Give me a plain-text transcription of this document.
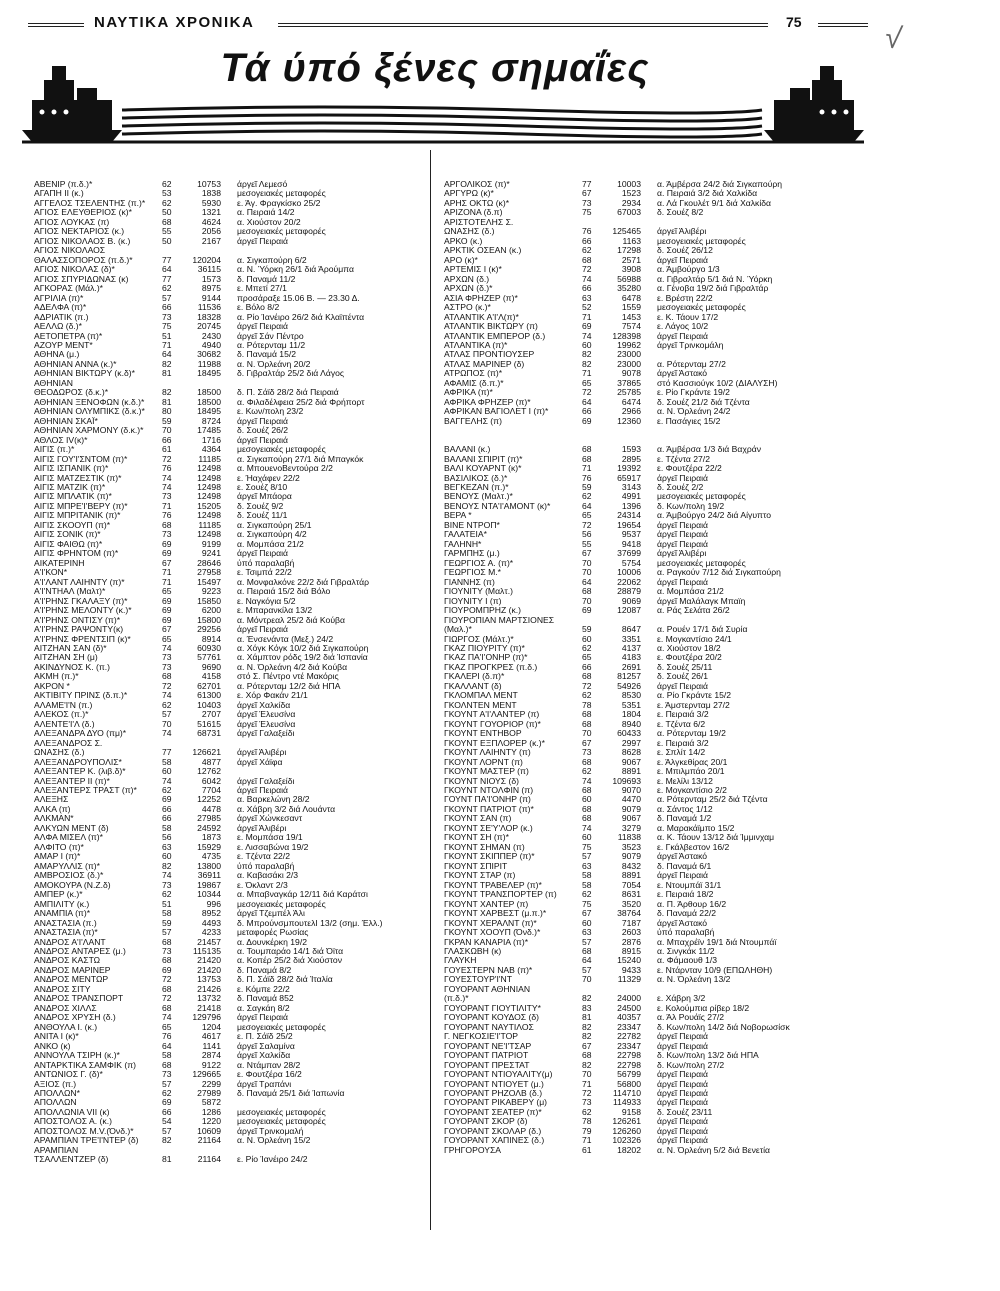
ΝΑΥΤΙΚΑ ΧΡΟΝΙΚΑ	75	√
Τά ύπό ξένες σημαΐες
ΑΒΕΝΙΡ (π.δ.)*	62	10753 άργεῖ Λεμεσό
ΑΓΑΠΗ II (κ.)	53	1838 μεσογειακές μεταφορές
ΑΓΓΕΛΟΣ ΤΣΕΛΕΝΤΗΣ (π.)*	62	5930 ε. Άγ. Φραγκίσκο 25/2
ΑΓΙΟΣ ΕΛΕΥΘΕΡΙΟΣ (κ)*	50	1321 α. Πειραιά 14/2
ΑΓΙΟΣ ΛΟΥΚΑΣ (π)	68	4624 α. Χιούστον 20/2
ΑΓΙΟΣ ΝΕΚΤΑΡΙΟΣ (κ.)	55	2056 μεσογειακές μεταφορές
ΑΓΙΟΣ ΝΙΚΟΛΑΟΣ Β. (κ.)	50	2167 άργεῖ Πειραιά
ΑΓΙΟΣ ΝΙΚΟΛΑΟΣ
ΘΑΛΑΣΣΟΠΟΡΟΣ (π.δ.)*	77	120204 α. Σιγκαπούρη 6/2
ΑΓΙΟΣ ΝΙΚΟΛΑΣ (δ)*	64	36115 α. Ν. Ύόρκη 26/1 διά Άρούμπα
ΑΓΙΟΣ ΣΠΥΡΙΔΩΝΑΣ (κ)	77	1573 δ. Παναμά 11/2
ΑΓΚΟΡΑΣ (Μάλ.)*	62	8975 ε. Μπετί 27/1
ΑΓΡΙΛΙΑ (π)*	57	9144 προσάραξε 15.06 Β. — 23.30 Δ.
ΑΔΕΛΦΑ (π)*	66	11536 ε. Βόλο 8/2
ΑΔΡΙΑΤΙΚ (π.)	73	18328 α. Ρίο Ίανέιρο 26/2 διά Κλαϊπέντα
ΑΕΛΛΩ (δ.)*	75	20745 άργεῖ Πειραιά
ΑΕΤΟΠΕΤΡΑ (π)*	51	2430 άργεῖ Σάν Πέντρο
ΑΖΟΥΡ ΜΕΝΤ*	71	4940 α. Ρότερνταμ 11/2
ΑΘΗΝΑ (μ.)	64	30682 δ. Παναμά 15/2
ΑΘΗΝΙΑΝ ΑΝΝΑ (κ.)*	82	11988 α. Ν. Όρλεάνη 20/2
ΑΘΗΝΙΑΝ ΒΙΚΤΩΡΥ (κ.δ)*	81	18495 δ. Γιβραλτάρ 25/2 διά Λάγος
ΑΘΗΝΙΑΝ
ΘΕΟΔΩΡΟΣ (δ.κ.)*	82	18500 δ. Π. Σάϊδ 28/2 διά Πειραιά
ΑΘΗΝΙΑΝ ΞΕΝΟΦΩΝ (κ.δ.)*	81	18500 α. Φιλαδέλφεια 25/2 διά Φρήπορτ
ΑΘΗΝΙΑΝ ΟΛΥΜΠΙΚΣ (δ.κ.)*	80	18495 ε. Κων/πολη 23/2
ΑΘΗΝΙΑΝ ΣΚΑΪ*	59	8724 άργεῖ Πειραιά
ΑΘΗΝΙΑΝ ΧΑΡΜΟΝΥ (δ.κ.)*	70	17485 δ. Σουέζ 26/2
ΑΘΛΟΣ IV(κ)*	66	1716 άργεῖ Πειραιά
ΑΙΓΙΣ (π.)*	61	4364 μεσογειακές μεταφορές
ΑΙΓΙΣ ΓΟΥ'Ι'ΣΝΤΟΜ (π)*	72	11185 α. Σιγκαπούρη 27/1 διά Μπαγκόκ
ΑΙΓΙΣ ΙΣΠΑΝΙΚ (π)*	76	12498 α. ΜπουενοΒεντούρα 2/2
ΑΙΓΙΣ ΜΑΤΖΕΣΤΙΚ (π)*	74	12498 ε. Ήαχάφεν 22/2
ΑΙΓΙΣ ΜΑΤΖΙΚ (π)*	74	12498 ε. Σουέζ 8/10
ΑΙΓΙΣ ΜΠΛΑΤΙΚ (π)*	73	12498 άργεῖ Μπάορα
ΑΙΓΙΣ ΜΠΡΕ'Ι'ΒΕΡΥ (π)*	71	15205 δ. Σουέζ 9/2
ΑΙΓΙΣ ΜΠΡΙΤΑΝΙΚ (π)*	76	12498 δ. Σουέζ 11/1
ΑΙΓΙΣ ΣΚΟΟΥΠ (π)*	68	11185 α. Σιγκαπούρη 25/1
ΑΙΓΙΣ ΣΟΝΙΚ (π)*	73	12498 α. Σιγκαπούρη 4/2
ΑΙΓΙΣ ΦΑΙΘΩ (π)*	69	9199 α. Μομπάσα 21/2
ΑΙΓΙΣ ΦΡΗΝΤΟΜ (π)*	69	9241 άργεῖ Πειραιά
ΑΙΚΑΤΕΡΙΝΗ	67	28646 ύπό παραλαβή
Α'Ι'ΚΟΝ*	71	27958 ε. Τσιμπά 22/2
Α'Ι'ΛΑΝΤ ΛΑΙΗΝΤΥ (π)*	71	15497 α. Μονφαλκόνε 22/2 διά Γιβραλτάρ
Α'Ι'ΝΤΗΑΛ (Μαλτ)*	65	9223 α. Πειραιά 15/2 διά Βόλο
Α'Ι'ΡΗΝΣ ΓΚΑΛΑΞΥ (π)*	69	15850 ε. Ναγκόγια 5/2
Α'Ι'ΡΗΝΣ ΜΕΛΟΝΤΥ (κ.)*	69	6200 ε. Μπαρανκίλα 13/2
Α'Ι'ΡΗΝΣ ΟΝΤΙΣΥ (π)*	69	15800 α. Μόντρεαλ 25/2 διά Κούβα
Α'Ι'ΡΗΝΣ ΡΑΨΟΝΤΥ(κ)	67	29256 άργεῖ Πειραιά
Α'Ι'ΡΗΝΣ ΦΡΕΝΤΣΙΠ (κ)*	65	8914 α. Ένσενάντα (Μεξ.) 24/2
ΑΙΤΖΗΑΝ ΣΑΝ (δ)*	74	60930 α. Χόγκ Κόγκ 10/2 διά Σιγκαπούρη
ΑΙΤΖΗΑΝ ΣΗ (μ)	73	57761 α. Χάμπτον ρόδς 19/2 διά Ίσπανία
ΑΚΙΝΔΥΝΟΣ Κ. (π.)	73	9690 α. Ν. Όρλεάνη 4/2 διά Κούβα
ΑΚΜΗ (π.)*	68	4158 στό Σ. Πέντρο ντέ Μακόρις
ΑΚΡΟΝ *	72	62701 α. Ρότερνταμ 12/2 διά ΗΠΑ
ΑΚΤΙΒΙΤΥ ΠΡΙΝΣ (δ.π.)*	74	61300 ε. Χόρ Φακάν 21/1
ΑΛΑΜΕ'Ι'Ν (π.)	62	10403 άργεῖ Χαλκίδα
ΑΛΕΚΟΣ (π.)*	57	2707 άργεῖ Έλευσίνα
ΑΛΕΝΤΕ'Ι'Λ (δ.)	70	51615 άργεῖ Έλευσίνα
ΑΛΕΞΑΝΔΡΑ ΔΥΟ (πμ)*	74	68731 άργεῖ Γαλαξείδι
ΑΛΕΞΑΝΔΡΟΣ Σ.
ΩΝΑΣΗΣ (δ.)	77	126621 άργεῖ Άλιβέρι
ΑΛΕΞΑΝΔΡΟΥΠΟΛΙΣ*	58	4877 άργεῖ Χάϊφα
ΑΛΕΞΑΝΤΕΡ Κ. (λιβ.δ)*	60	12762
ΑΛΕΞΑΝΤΕΡ II (π)*	74	6042 άργεῖ Γαλαξείδι
ΑΛΕΞΑΝΤΕΡΣ ΤΡΑΣΤ (π)*	62	7704 άργεῖ Πειραιά
ΑΛΕΞΗΣ	69	12252 α. Βαρκελώνη 28/2
ΑΛΚΑ (π)	66	4478 α. Χάβρη 3/2 διά Λουάντα
ΑΛΚΜΑΝ*	66	27985 άργεῖ Χώνκεσαντ
ΑΛΚΥΩΝ ΜΕΝΤ (δ)	58	24592 άργεῖ Άλιβέρι
ΑΛΦΑ ΜΙΣΕΛ (π)*	56	1873 ε. Μομπάσα 19/1
ΑΛΦΙΤΟ (π)*	63	15929 ε. Λισσαβώνα 19/2
ΑΜΑΡ I (π)*	60	4735 ε. Τζέντα 22/2
ΑΜΑΡΥΛΛΙΣ (π)*	82	13800 ύπό παραλαβή
ΑΜΒΡΟΣΙΟΣ (δ.)*	74	36911 α. Καβασάκι 2/3
ΑΜΟΚΟΥΡΑ (Ν.Ζ.δ)	73	19867 ε. Όκλαντ 2/3
ΑΜΠΕΡ (κ.)*	62	10344 α. Μπαβναγκάρ 12/11 διά Καράτσι
ΑΜΠΙΛΙΤΥ (κ.)	51	996 μεσογειακές μεταφορές
ΑΝΑΜΠΙΑ (π)*	58	8952 άργεῖ Τζεμπέλ Άλι
ΑΝΑΣΤΑΣΙΑ (π.)	59	4493 δ. ΜπρούνσμπουτελΙ 13/2 (σημ. Έλλ.)
ΑΝΑΣΤΑΣΙΑ (π)*	57	4233 μεταφορές Ρωσίας
ΑΝΔΡΟΣ Α'Ι'ΛΑΝΤ	68	21457 α. Δουνκέρκη 19/2
ΑΝΔΡΟΣ ΑΝΤΑΡΕΣ (μ.)	73	115135 α. Τουμπαράο 14/1 διά Όϊτα
ΑΝΔΡΟΣ ΚΑΣΤΩ	68	21420 α. Κοπέρ 25/2 διά Χιούστον
ΑΝΔΡΟΣ ΜΑΡΙΝΕΡ	69	21420 δ. Παναμά 8/2
ΑΝΔΡΟΣ ΜΕΝΤΩΡ	72	13753 δ. Π. Σάϊδ 28/2 διά Ίταλία
ΑΝΔΡΟΣ ΣΙΤΥ	68	21426 ε. Κόμπε 22/2
ΑΝΔΡΟΣ ΤΡΑΝΣΠΟΡΤ	72	13732 δ. Παναμά 852
ΑΝΔΡΟΣ ΧΙΛΛΣ	68	21418 α. Σαγκάη 8/2
ΑΝΔΡΟΣ ΧΡΥΣΗ (δ.)	74	129796 άργεῖ Πειραιά
ΑΝΘΟΥΛΑ I. (κ.)	65	1204 μεσογειακές μεταφορές
ΑΝΙΤΑ I (κ)*	76	4617 ε. Π. Σάϊδ 25/2
ΑΝΚΟ (κ)	64	1141 άργεῖ Σαλαμίνα
ΑΝΝΟΥΛΑ ΤΣΙΡΗ (κ.)*	58	2874 άργεῖ Χαλκίδα
ΑΝΤΑΡΚΤΙΚΑ ΣΑΜΦΙΚ (π)	68	9122 α. Ντάμπαν 28/2
ΑΝΤΩΝΙΟΣ Γ. (δ)*	73	129665 ε. Φουτζέρα 16/2
ΑΞΙΟΣ (π.)	57	2299 άργεῖ Τραπάνι
ΑΠΟΛΛΩΝ*	62	27989 δ. Παναμά 25/1 διά Ίαπωνία
ΑΠΟΛΛΩΝ	69	5872
ΑΠΟΛΛΩΝΙΑ VII (κ)	66	1286 μεσογειακές μεταφορές
ΑΠΟΣΤΟΛΟΣ Α. (κ.)	54	1220 μεσογειακές μεταφορές
ΑΠΟΣΤΟΛΟΣ Μ.V.(Όνδ.)*	57	10609 άργεῖ Τρινκομαλή
ΑΡΑΜΠΙΑΝ ΤΡΕ'Ι'ΝΤΕΡ (δ)	82	21164 α. Ν. Όρλεάνη 15/2
ΑΡΑΜΠΙΑΝ
ΤΣΑΛΛΕΝΤΖΕΡ (δ)	81	21164 ε. Ρίο Ίανέιρο 24/2
ΑΡΓΟΛΙΚΟΣ (π)*	77	10003 α. Άμβέρσα 24/2 διά Σιγκαπούρη
ΑΡΓΥΡΩ (κ)*	67	1523 α. Πειραιά 3/2 διά Χαλκίδα
ΑΡΗΣ ΟΚΤΩ (κ)*	73	2934 α. Λά Γκουλέτ 9/1 διά Χαλκίδα
ΑΡΙΖΟΝΑ (δ.π)	75	67003 δ. Σουέζ 8/2
ΑΡΙΣΤΟΤΕΛΗΣ Σ.
ΩΝΑΣΗΣ (δ.)	76	125465 άργεῖ Άλιβέρι
ΑΡΚΟ (κ.)	66	1163 μεσογειακές μεταφορές
ΑΡΚΤΙΚ ΟΣΕΑΝ (κ.)	62	17298 δ. Σουέζ 26/12
ΑΡΟ (κ)*	68	2571 άργεῖ Πειραιά
ΑΡΤΕΜΙΣ I (κ)*	72	3908 α. Άμβούργο 1/3
ΑΡΧΩΝ (δ.)	74	56988 α. Γιβραλτάρ 5/1 διά Ν. Ύόρκη
ΑΡΧΩΝ (δ.)*	66	35280 α. Γένοβα 19/2 διά Γιβραλτάρ
ΑΣΙΑ ΦΡΗΖΕΡ (π)*	63	6478 ε. Βρέστη 22/2
ΑΣΤΡΟ (κ.)*	52	1559 μεσογειακές μεταφορές
ΑΤΛΑΝΤΙΚ Α'Ι'Λ(π)*	71	1453 ε. Κ. Τάουν 17/2
ΑΤΛΑΝΤΙΚ ΒΙΚΤΩΡΥ (π)	69	7574 ε. Λάγος 10/2
ΑΤΛΑΝΤΙΚ ΕΜΠΕΡΟΡ (δ.)	74	128398 άργεῖ Πειραιά
ΑΤΛΑΝΤΙΚΑ (π)*	60	19962 άργεῖ Τρινκομάλη
ΑΤΛΑΣ ΠΡΟΝΤΙΟΥΣΕΡ	82	23000
ΑΤΛΑΣ ΜΑΡΙΝΕΡ (δ)	82	23000 α. Ρότερνταμ 27/2
ΑΤΡΩΠΟΣ (π)*	71	9078 άργεῖ Άστακό
ΑΦΑΜΙΣ (δ.π.)*	65	37865 στό Κασσιούγκ 10/2 (ΔΙΑΛΥΣΗ)
ΑΦΡΙΚΑ (π)*	72	25785 ε. Ρίο Γκράντε 19/2
ΑΦΡΙΚΑ ΦΡΗΖΕΡ (π)*	64	6474 δ. Σουέζ 21/2 διά Τζέντα
ΑΦΡΙΚΑΝ ΒΑΓΙΟΛΕΤ I (π)*	66	2966 α. Ν. Όρλεάνη 24/2
ΒΑΓΓΕΛΗΣ (π)	69	12360 ε. Πασάγιες 15/2
ΒΑΛΑΝΙ (κ.)	68	1593 α. Άμβέρσα 1/3 διά Βαχράν
ΒΑΛΑΝΙ ΣΠΙΡΙΤ (π)*	68	2895 ε. Τζέντα 27/2
ΒΑΛΙ ΚΟΥΑΡΝΤ (κ)*	71	19392 ε. Φουτζέρα 22/2
ΒΑΣΙΛΙΚΟΣ (δ.)*	76	65917 άργεῖ Πειραιά
ΒΕΓΚΕΖΑΝ (π.)*	59	3143 δ. Σουέζ 2/2
ΒΕΝΟΥΣ (Μαλτ.)*	62	4991 μεσογειακές μεταφορές
ΒΕΝΟΥΣ ΝΤΑ'Ι'ΑΜΟΝΤ (κ)*	64	1396 δ. Κων/πολη 19/2
ΒΕΡΑ *	65	24314 α. Άμβούργο 24/2 διά Αίγυπτο
ΒΙΝΕ ΝΤΡΟΠ*	72	19654 άργεῖ Πειραιά
ΓΑΛΑΤΕΙΑ*	56	9537 άργεῖ Πειραιά
ΓΑΛΗΝΗ*	55	9418 άργεῖ Πειραιά
ΓΑΡΜΠΗΣ (μ.)	67	37699 άργεῖ Άλιβέρι
ΓΕΩΡΓΙΟΣ Α. (π)*	70	5754 μεσογειακές μεταφορές
ΓΕΩΡΓΙΟΣ Μ.*	70	10006 α. Ραγκούν 7/12 διά Σιγκαπούρη
ΓΙΑΝΝΗΣ (π)	64	22062 άργεῖ Πειραιά
ΓΙΟΥΝΙΤΥ (Μαλτ.)	68	28879 α. Μομπάσα 21/2
ΓΙΟΥΝΙΤΥ Ι (π)	70	9069 άργεῖ Μαλάλαγκ Μπαϊη
ΓΙΟΥΡΟΜΠΡΗΖ (κ.)	69	12087 α. Ράς Σελάτα 26/2
ΓΙΟΥΡΟΠΙΑΝ ΜΑΡΤΣΙΟΝΕΣ
(Μαλ.)*	59	8647 α. Ρουέν 17/1 διά Συρία
ΓΙΩΡΓΟΣ (Μάλτ.)*	60	3351 ε. Μογκαντίσιο 24/1
ΓΚΑΖ ΠΙΟΥΡΙΤΥ (π)*	62	4137 α. Χιούστον 18/2
ΓΚΑΖ ΠΑ'Ι'ΟΝΗΡ (π)*	65	4183 ε. Φουτζέρα 20/2
ΓΚΑΖ ΠΡΟΓΚΡΕΣ (π.δ.)	66	2691 δ. Σουέζ 25/11
ΓΚΑΛΕΡΙ (δ.π)*	68	81257 δ. Σουέζ 26/1
ΓΚΑΛΛΑΝΤ (δ)	72	54926 άργεῖ Πειραιά
ΓΚΛΟΜΠΑΛ ΜΕΝΤ	62	8530 α. Ρίο Γκράντε 15/2
ΓΚΟΛΝΤΕΝ ΜΕΝΤ	78	5351 ε. Άμστερνταμ 27/2
ΓΚΟΥΝΤ Α'Ι'ΛΑΝΤΕΡ (π)	68	1804 ε. Πειραιά 3/2
ΓΚΟΥΝΤ ΓΟΥΟΡΙΟΡ (π)*	68	8940 ε. Τζέντα 6/2
ΓΚΟΥΝΤ ΕΝΤΗΒΟΡ	70	60433 α. Ρότερνταμ 19/2
ΓΚΟΥΝΤ ΕΞΠΛΟΡΕΡ (κ.)*	67	2997 ε. Πειραιά 3/2
ΓΚΟΥΝΤ ΛΑΙΗΝΤΥ (π)	73	8628 ε. Σπλίτ 14/2
ΓΚΟΥΝΤ ΛΟΡΝΤ (π)	68	9067 ε. Άλγκεθίρας 20/1
ΓΚΟΥΝΤ ΜΑΣΤΕΡ (π)	62	8891 ε. Μπιλμπάο 20/1
ΓΚΟΥΝΤ ΝΙΟΥΣ (δ)	74	109693 ε. Μελίλι 13/12
ΓΚΟΥΝΤ ΝΤΟΛΦΙΝ (π)	68	9070 ε. Μογκαντίσιο 2/2
ΓΟΥΝΤ ΠΑ'Ι'ΟΝΗΡ (π)	60	4470 α. Ρότερνταμ 25/2 διά Τζέντα
ΓΚΟΥΝΤ ΠΑΤΡΙΟΤ (π)*	68	9079 α. Σάντος 1/12
ΓΚΟΥΝΤ ΣΑΝ (π)	68	9067 δ. Παναμά 1/2
ΓΚΟΥΝΤ ΣΕ'Υ'ΛΟΡ (κ.)	74	3279 α. Μαρακάϊμπο 15/2
ΓΚΟΥΝΤ ΣΗ (π)*	60	11838 α. Κ. Τάουν 13/12 διά Ίμμινχαμ
ΓΚΟΥΝΤ ΣΗΜΑΝ (π)	75	3523 ε. Γκάλβεστον 16/2
ΓΚΟΥΝΤ ΣΚΙΠΠΕΡ (π)*	57	9079 άργεῖ Άστακό
ΓΚΟΥΝΤ ΣΠΙΡΙΤ	63	8432 δ. Παναμά 6/1
ΓΚΟΥΝΤ ΣΤΑΡ (π)	58	8891 άργεῖ Πειραιά
ΓΚΟΥΝΤ ΤΡΑΒΕΛΕΡ (π)*	58	7054 ε. Ντουμπάϊ 31/1
ΓΚΟΥΝΤ ΤΡΑΝΣΠΟΡΤΕΡ (π)	62	8631 ε. Πειραιά 18/2
ΓΚΟΥΝΤ ΧΑΝΤΕΡ (π)	75	3520 α. Π. Άρθουρ 16/2
ΓΚΟΥΝΤ ΧΑΡΒΕΣΤ (μ.π.)*	67	38764 δ. Παναμά 22/2
ΓΚΟΥΝΤ ΧΕΡΑΛΝΤ (π)*	60	7187 άργεῖ Άστακό
ΓΚΟΥΝΤ ΧΟΟΥΠ (Όνδ.)*	63	2603 ύπό παραλαβή
ΓΚΡΑΝ ΚΑΝΑΡΙΑ (π)*	57	2876 α. Μπαχρέϊν 19/1 διά Ντουμπάϊ
ΓΛΑΣΚΩΒΗ (κ)	68	8915 α. Σινγκάκ 11/2
ΓΛΑΥΚΗ	64	15240 α. Φάμαουθ 1/3
ΓΟΥΕΣΤΕΡΝ ΝΑΒ (π)*	57	9433 ε. Ντάρνταν 10/9 (ΕΠΩΛΗΘΗ)
ΓΟΥΕΣΤΟΥΡ'Ι'ΝΤ	70	11329 α. Ν. Όρλεάνη 13/2
ΓΟΥΟΡΑΝΤ ΑΘΗΝΙΑΝ
(π.δ.)*	82	24000 ε. Χάβρη 3/2
ΓΟΥΟΡΑΝΤ ΓΙΟΥΤΙΛΙΤΥ*	83	24500 ε. Κολούμπια ρίβερ 18/2
ΓΟΥΟΡΑΝΤ ΚΟΥΔΟΣ (δ)	81	40357 α. Άλ Ρουάϊς 27/2
ΓΟΥΟΡΑΝΤ ΝΑΥΤΙΛΟΣ	82	23347 δ. Κων/πολη 14/2 διά Νοβορωσίσκ
Γ. ΝΕΓΚΟΣΙΕ'Ι'ΤΟΡ	82	22782 άργεῖ Πειραιά
ΓΟΥΟΡΑΝΤ ΝΕ'Ι'ΤΣΑΡ	67	23347 άργεῖ Πειραιά
ΓΟΥΟΡΑΝΤ ΠΑΤΡΙΟΤ	68	22798 δ. Κων/πολη 13/2 διά ΗΠΑ
ΓΟΥΟΡΑΝΤ ΠΡΕΣΤΑΤ	82	22798 δ. Κων/πολη 27/2
ΓΟΥΟΡΑΝΤ ΝΤΙΟΥΑΛΙΤΥ(μ)	70	56799 άργεῖ Πειραιά
ΓΟΥΟΡΑΝΤ ΝΤΙΟΥΕΤ (μ.)	71	56800 άργεῖ Πειραιά
ΓΟΥΟΡΑΝΤ ΡΗΖΟΛΒ (δ.)	72	114710 άργεῖ Πειραιά
ΓΟΥΟΡΑΝΤ ΡΙΚΑΒΕΡΥ (μ)	73	114933 άργεῖ Πειραιά
ΓΟΥΟΡΑΝΤ ΣΕΑΤΕΡ (π)*	62	9158 δ. Σουέζ 23/11
ΓΟΥΟΡΑΝΤ ΣΚΟΡ (δ)	78	126261 άργεῖ Πειραιά
ΓΟΥΟΡΑΝΤ ΣΚΟΛΑΡ (δ.)	79	126260 άργεῖ Πειραιά
ΓΟΥΟΡΑΝΤ ΧΑΠΙΝΕΣ (δ.)	71	102326 άργεῖ Πειραιά
ΓΡΗΓΟΡΟΥΣΑ	61	18202 α. Ν. Όρλεάνη 5/2 διά Βενετία
